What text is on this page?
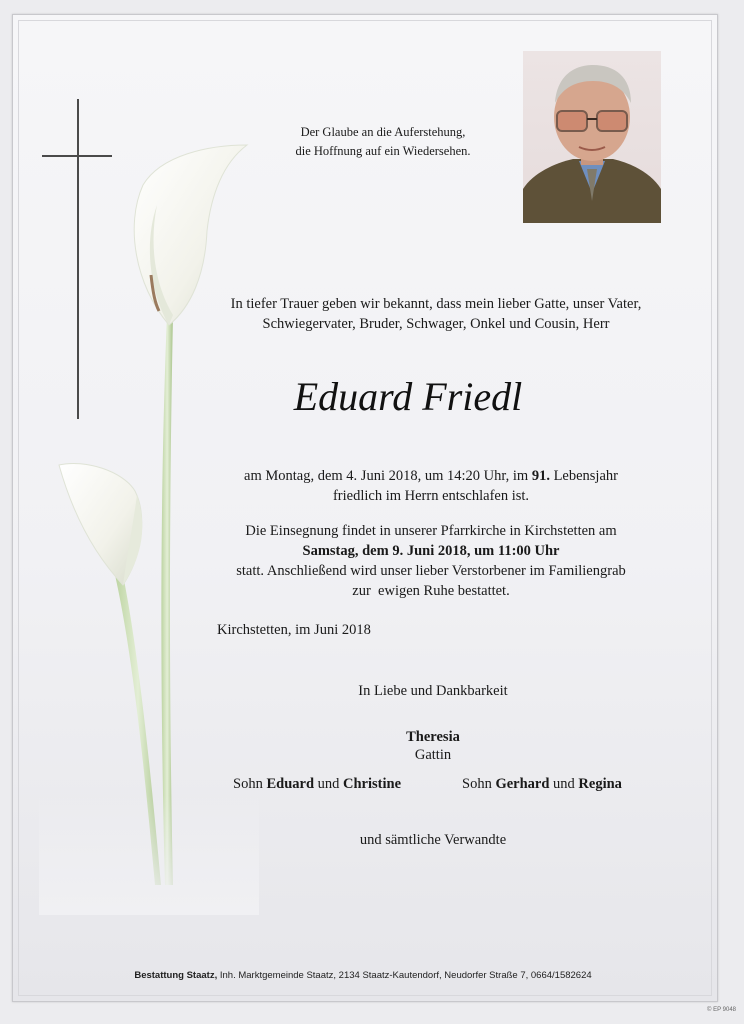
Der Glaube an die Auferstehung,
die Hoffnung auf ein Wiedersehen.
In tiefer Trauer geben wir bekannt, dass mein lieber Gatte, unser Vater,
Schwiegervater, Bruder, Schwager, Onkel und Cousin, Herr
Eduard Friedl
am Montag, dem 4. Juni 2018, um 14:20 Uhr, im 91. Lebensjahr
friedlich im Herrn entschlafen ist.
Die Einsegnung findet in unserer Pfarrkirche in Kirchstetten am
Samstag, dem 9. Juni 2018, um 11:00 Uhr
statt. Anschließend wird unser lieber Verstorbener im Familiengrab
zur  ewigen Ruhe bestattet.
Kirchstetten, im Juni 2018
In Liebe und Dankbarkeit
Theresia
Gattin
Sohn Eduard und Christine	Sohn Gerhard und Regina
und sämtliche Verwandte
Bestattung Staatz, Inh. Marktgemeinde Staatz, 2134 Staatz-Kautendorf, Neudorfer Straße 7, 0664/1582624
© EP 9048
